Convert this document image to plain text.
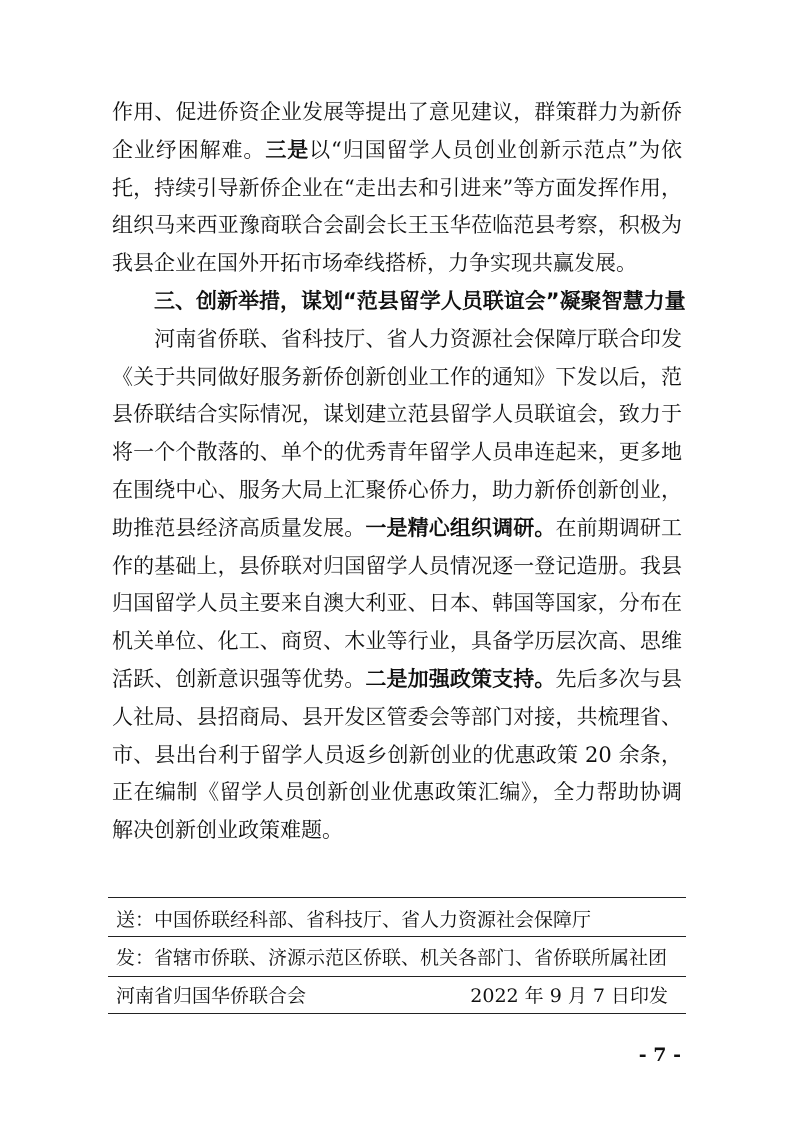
作用、促进侨资企业发展等提出了意见建议，群策群力为新侨
企业纾困解难。三是以“归国留学人员创业创新示范点”为依
托，持续引导新侨企业在“走出去和引进来”等方面发挥作用，
组织马来西亚豫商联合会副会长王玉华莅临范县考察，积极为
我县企业在国外开拓市场牵线搭桥，力争实现共赢发展。
　　三、创新举措，谋划“范县留学人员联谊会”凝聚智慧力量
　　河南省侨联、省科技厅、省人力资源社会保障厅联合印发
《关于共同做好服务新侨创新创业工作的通知》下发以后，范
县侨联结合实际情况，谋划建立范县留学人员联谊会，致力于
将一个个散落的、单个的优秀青年留学人员串连起来，更多地
在围绕中心、服务大局上汇聚侨心侨力，助力新侨创新创业，
助推范县经济高质量发展。一是精心组织调研。在前期调研工
作的基础上，县侨联对归国留学人员情况逐一登记造册。我县
归国留学人员主要来自澳大利亚、日本、韩国等国家，分布在
机关单位、化工、商贸、木业等行业，具备学历层次高、思维
活跃、创新意识强等优势。二是加强政策支持。先后多次与县
人社局、县招商局、县开发区管委会等部门对接，共梳理省、
市、县出台利于留学人员返乡创新创业的优惠政策 20 余条，
正在编制《留学人员创新创业优惠政策汇编》，全力帮助协调
解决创新创业政策难题。
送：中国侨联经科部、省科技厅、省人力资源社会保障厅
发：省辖市侨联、济源示范区侨联、机关各部门、省侨联所属社团
河南省归国华侨联合会	2022 年 9 月 7 日印发
- 7 -
